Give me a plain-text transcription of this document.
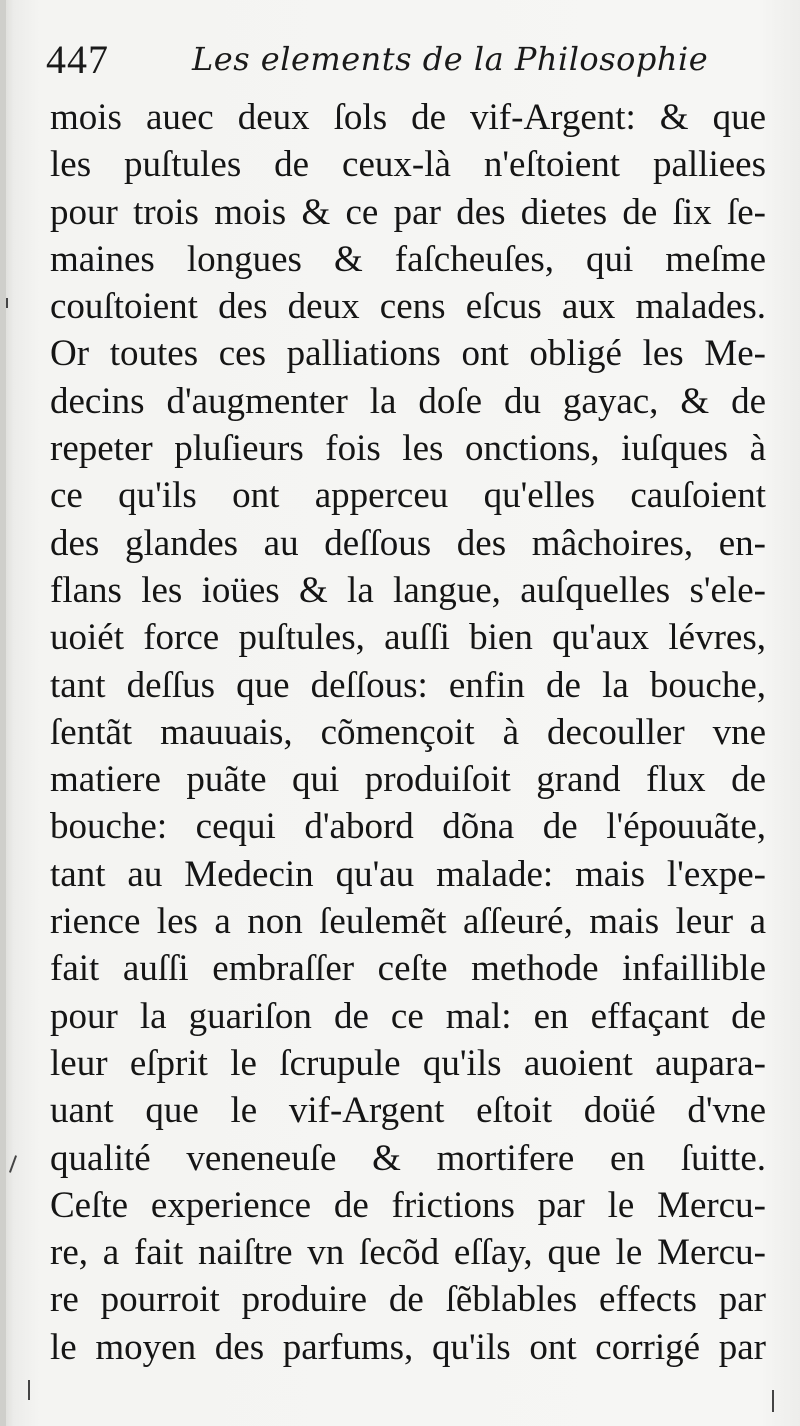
447	Les elements de la Philosophie
mois auec deux ſols de vif-Argent: & que
les puſtules de ceux-là n'eſtoient palliees
pour trois mois & ce par des dietes de ſix ſe-
maines longues & faſcheuſes, qui meſme
couſtoient des deux cens eſcus aux malades.
Or toutes ces palliations ont obligé les Me-
decins d'augmenter la doſe du gayac, & de
repeter pluſieurs fois les onctions, iuſques à
ce qu'ils ont apperceu qu'elles cauſoient
des glandes au deſſous des mâchoires, en-
flans les ioües & la langue, auſquelles s'ele-
uoiét force puſtules, auſſi bien qu'aux lévres,
tant deſſus que deſſous: enfin de la bouche,
ſentãt mauuais, cõmençoit à decouller vne
matiere puãte qui produiſoit grand flux de
bouche: cequi d'abord dõna de l'épouuãte,
tant au Medecin qu'au malade: mais l'expe-
rience les a non ſeulemẽt aſſeuré, mais leur a
fait auſſi embraſſer ceſte methode infaillible
pour la guariſon de ce mal: en effaçant de
leur eſprit le ſcrupule qu'ils auoient aupara-
uant que le vif-Argent eſtoit doüé d'vne
qualité veneneuſe & mortifere en ſuitte.
Ceſte experience de frictions par le Mercu-
re, a fait naiſtre vn ſecõd eſſay, que le Mercu-
re pourroit produire de ſẽblables effects par
le moyen des parfums, qu'ils ont corrigé par
